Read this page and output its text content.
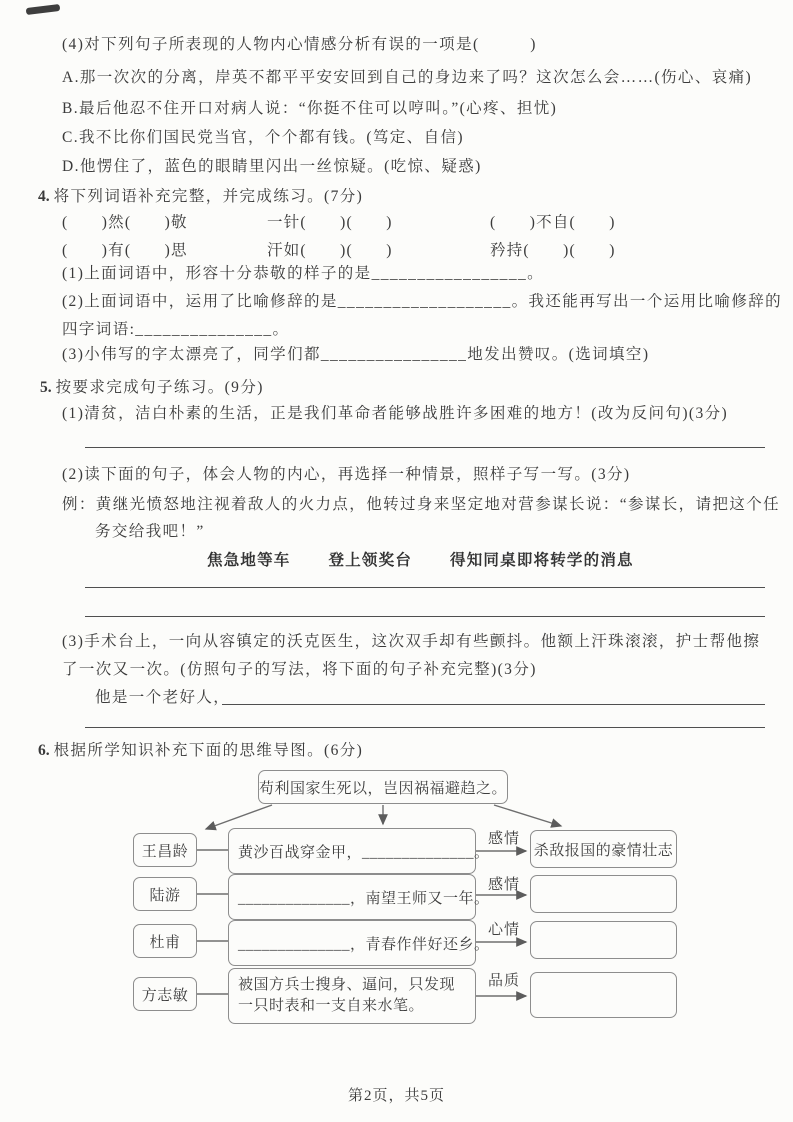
(4)对下列句子所表现的人物内心情感分析有误的一项是(　　　)
A.那一次次的分离，岸英不都平平安安回到自己的身边来了吗？这次怎么会……(伤心、哀痛)
B.最后他忍不住开口对病人说：“你挺不住可以哼叫。”(心疼、担忧)
C.我不比你们国民党当官，个个都有钱。(笃定、自信)
D.他愣住了，蓝色的眼睛里闪出一丝惊疑。(吃惊、疑惑)
4. 将下列词语补充完整，并完成练习。(7分)
(　　)然(　　)敬	一针(　　)(　　)	(　　)不自(　　)
(　　)有(　　)思	汗如(　　)(　　)	矜持(　　)(　　)
(1)上面词语中，形容十分恭敬的样子的是_________________。
(2)上面词语中，运用了比喻修辞的是___________________。我还能再写出一个运用比喻修辞的
四字词语:_______________。
(3)小伟写的字太漂亮了，同学们都________________地发出赞叹。(选词填空)
5. 按要求完成句子练习。(9分)
(1)清贫，洁白朴素的生活，正是我们革命者能够战胜许多困难的地方！(改为反问句)(3分)
(2)读下面的句子，体会人物的内心，再选择一种情景，照样子写一写。(3分)
例：黄继光愤怒地注视着敌人的火力点，他转过身来坚定地对营参谋长说：“参谋长，请把这个任
务交给我吧！”
焦急地等车 登上领奖台 得知同桌即将转学的消息
(3)手术台上，一向从容镇定的沃克医生，这次双手却有些颤抖。他额上汗珠滚滚，护士帮他擦
了一次又一次。(仿照句子的写法，将下面的句子补充完整)(3分)
他是一个老好人，
6. 根据所学知识补充下面的思维导图。(6分)
苟利国家生死以，岂因祸福避趋之。
王昌龄	黄沙百战穿金甲，______________。
感情
杀敌报国的豪情壮志
陆游	______________，南望王师又一年。
感情
杜甫	______________，青春作伴好还乡。
心情
方志敏
被国方兵士搜身、逼问，只发现一只时表和一支自来水笔。
品质
第2页，共5页
